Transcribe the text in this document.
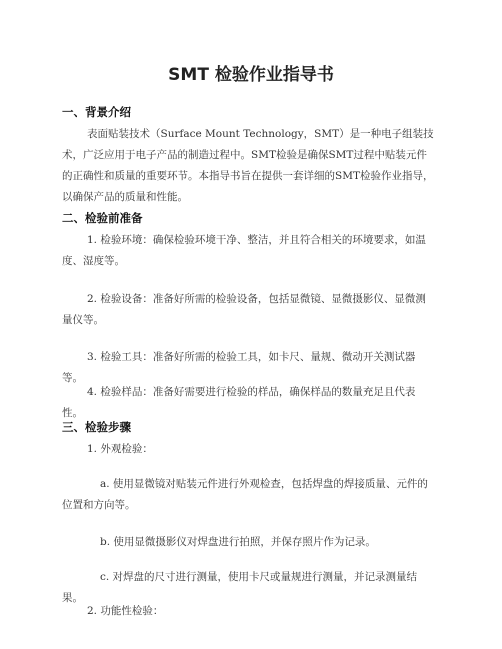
SMT 检验作业指导书
一、背景介绍
表面贴装技术（Surface Mount Technology，SMT）是一种电子组装技术，广泛应用于电子产品的制造过程中。SMT检验是确保SMT过程中贴装元件的正确性和质量的重要环节。本指导书旨在提供一套详细的SMT检验作业指导，以确保产品的质量和性能。
二、检验前准备
1. 检验环境：确保检验环境干净、整洁，并且符合相关的环境要求，如温度、湿度等。
2. 检验设备：准备好所需的检验设备，包括显微镜、显微摄影仪、显微测量仪等。
3. 检验工具：准备好所需的检验工具，如卡尺、量规、微动开关测试器等。
4. 检验样品：准备好需要进行检验的样品，确保样品的数量充足且代表性。
三、检验步骤
1. 外观检验：
a. 使用显微镜对贴装元件进行外观检查，包括焊盘的焊接质量、元件的位置和方向等。
b. 使用显微摄影仪对焊盘进行拍照，并保存照片作为记录。
c. 对焊盘的尺寸进行测量，使用卡尺或量规进行测量，并记录测量结果。
2. 功能性检验：
